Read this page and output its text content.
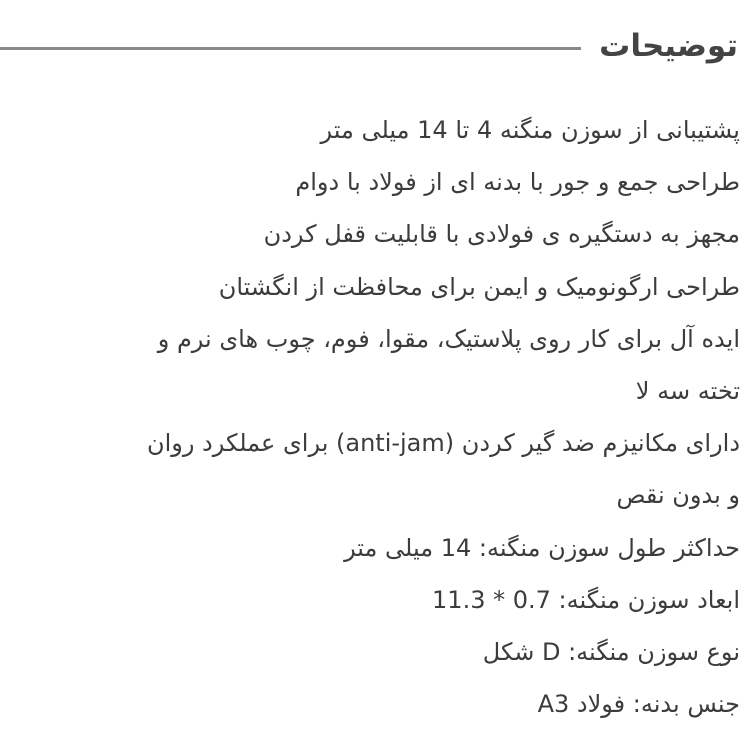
توضیحات
پشتیبانی از سوزن منگنه 4 تا 14 میلی متر
طراحی جمع و جور با بدنه ای از فولاد با دوام
مجهز به دستگیره ی فولادی با قابلیت قفل کردن
طراحی ارگونومیک و ایمن برای محافظت از انگشتان
ایده آل برای کار روی پلاستیک، مقوا، فوم، چوب های نرم و
تخته سه لا
دارای مکانیزم ضد گیر کردن (anti-jam) برای عملکرد روان
و بدون نقص
حداکثر طول سوزن منگنه: 14 میلی متر
ابعاد سوزن منگنه: 0.7 * 11.3
نوع سوزن منگنه: D شکل
جنس بدنه: فولاد A3
